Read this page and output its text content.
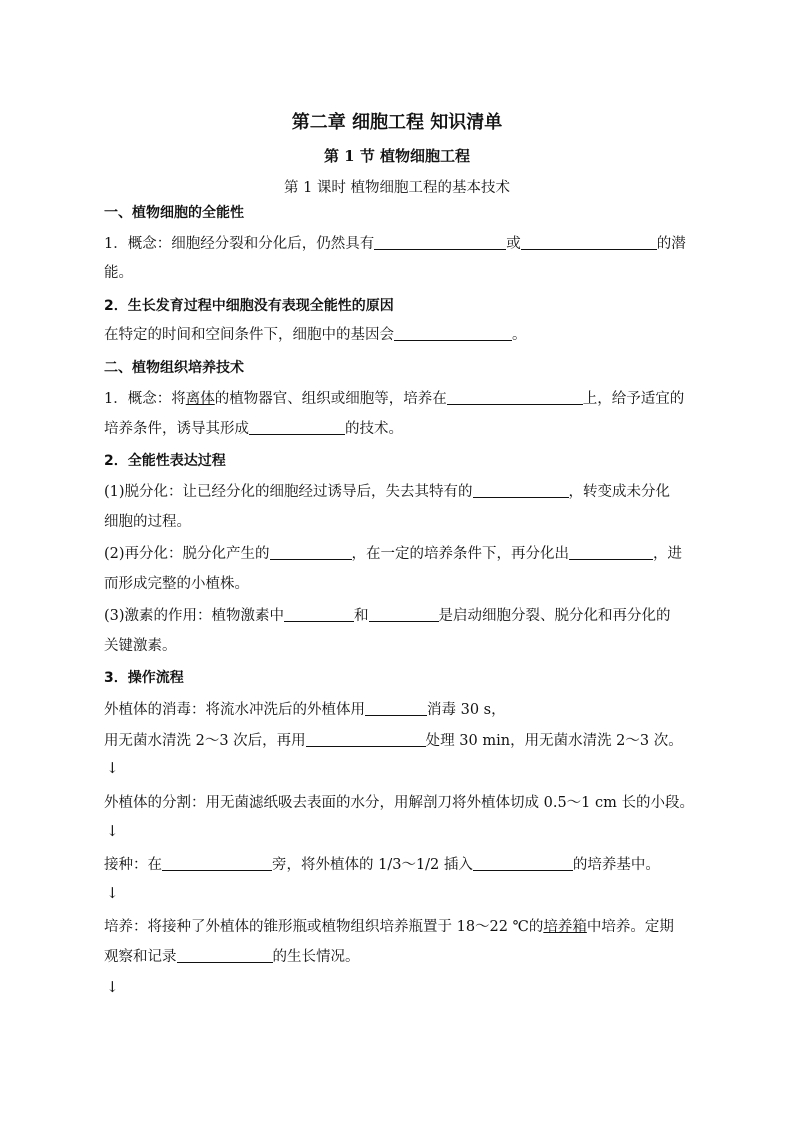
第二章 细胞工程 知识清单
第 1 节 植物细胞工程
第 1 课时 植物细胞工程的基本技术
一、植物细胞的全能性
1．概念：细胞经分裂和分化后，仍然具有	或	的潜
能。
2．生长发育过程中细胞没有表现全能性的原因
在特定的时间和空间条件下，细胞中的基因会	。
二、植物组织培养技术
1．概念：将离体的植物器官、组织或细胞等，培养在	上，给予适宜的
培养条件，诱导其形成	的技术。
2．全能性表达过程
(1)脱分化：让已经分化的细胞经过诱导后，失去其特有的	，转变成未分化
细胞的过程。
(2)再分化：脱分化产生的	，在一定的培养条件下，再分化出	，进
而形成完整的小植株。
(3)激素的作用：植物激素中	和	是启动细胞分裂、脱分化和再分化的
关键激素。
3．操作流程
外植体的消毒：将流水冲洗后的外植体用	消毒 30 s，
用无菌水清洗 2～3 次后，再用	处理 30 min，用无菌水清洗 2～3 次。
↓
外植体的分割：用无菌滤纸吸去表面的水分，用解剖刀将外植体切成 0.5～1 cm 长的小段。
↓
接种：在	旁，将外植体的 1/3～1/2 插入	的培养基中。
↓
培养：将接种了外植体的锥形瓶或植物组织培养瓶置于 18～22 ℃的培养箱中培养。定期
观察和记录	的生长情况。
↓
